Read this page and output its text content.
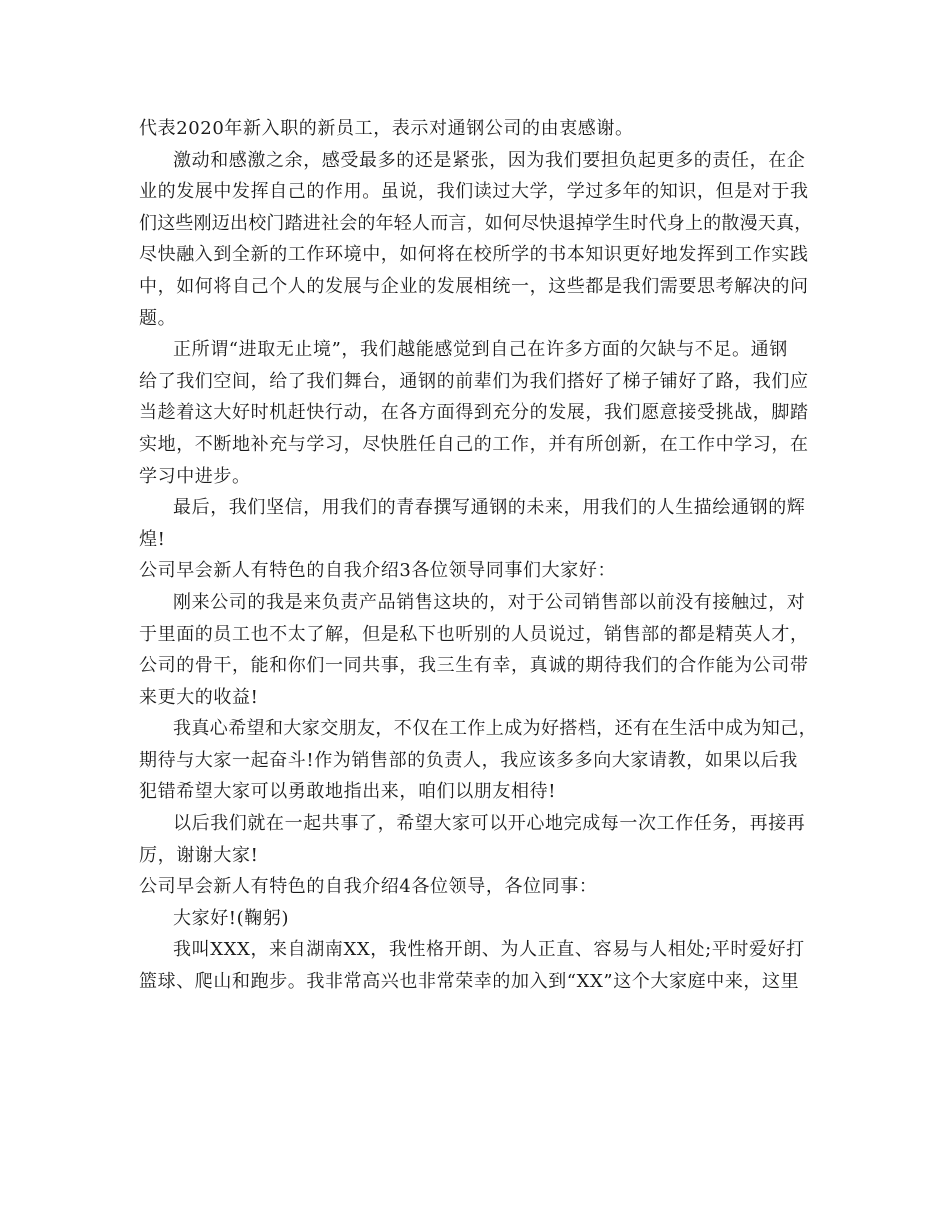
代表2020年新入职的新员工，表示对通钢公司的由衷感谢。
激动和感激之余，感受最多的还是紧张，因为我们要担负起更多的责任，在企
业的发展中发挥自己的作用。虽说，我们读过大学，学过多年的知识，但是对于我
们这些刚迈出校门踏进社会的年轻人而言，如何尽快退掉学生时代身上的散漫天真，
尽快融入到全新的工作环境中，如何将在校所学的书本知识更好地发挥到工作实践
中，如何将自己个人的发展与企业的发展相统一，这些都是我们需要思考解决的问
题。
正所谓“进取无止境”，我们越能感觉到自己在许多方面的欠缺与不足。通钢
给了我们空间，给了我们舞台，通钢的前辈们为我们搭好了梯子铺好了路，我们应
当趁着这大好时机赶快行动，在各方面得到充分的发展，我们愿意接受挑战，脚踏
实地，不断地补充与学习，尽快胜任自己的工作，并有所创新，在工作中学习，在
学习中进步。
最后，我们坚信，用我们的青春撰写通钢的未来，用我们的人生描绘通钢的辉
煌!
公司早会新人有特色的自我介绍3各位领导同事们大家好：
刚来公司的我是来负责产品销售这块的，对于公司销售部以前没有接触过，对
于里面的员工也不太了解，但是私下也听别的人员说过，销售部的都是精英人才，
公司的骨干，能和你们一同共事，我三生有幸，真诚的期待我们的合作能为公司带
来更大的收益!
我真心希望和大家交朋友，不仅在工作上成为好搭档，还有在生活中成为知己，
期待与大家一起奋斗!作为销售部的负责人，我应该多多向大家请教，如果以后我
犯错希望大家可以勇敢地指出来，咱们以朋友相待!
以后我们就在一起共事了，希望大家可以开心地完成每一次工作任务，再接再
厉，谢谢大家!
公司早会新人有特色的自我介绍4各位领导，各位同事：
大家好!(鞠躬)
我叫XXX，来自湖南XX，我性格开朗、为人正直、容易与人相处;平时爱好打
篮球、爬山和跑步。我非常高兴也非常荣幸的加入到“XX”这个大家庭中来，这里
